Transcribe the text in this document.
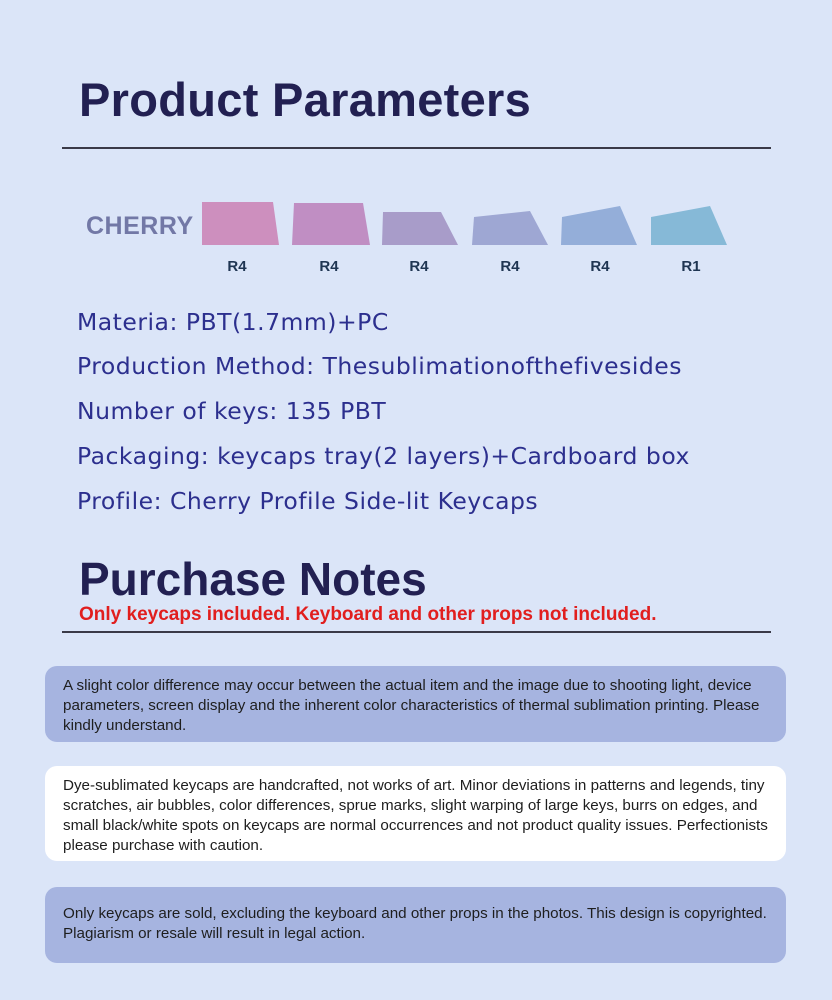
Product Parameters
CHERRY
R4	R4	R4	R4	R4	R1
Materia: PBT(1.7mm)+PC
Production Method: Thesublimationofthefivesides
Number of keys: 135 PBT
Packaging: keycaps tray(2 layers)+Cardboard box
Profile: Cherry Profile Side-lit Keycaps
Purchase Notes
Only keycaps included. Keyboard and other props not included.
A slight color difference may occur between the actual item and the image due to shooting light, device parameters, screen display and the inherent color characteristics of thermal sublimation printing. Please kindly understand.
Dye-sublimated keycaps are handcrafted, not works of art. Minor deviations in patterns and legends, tiny scratches, air bubbles, color differences, sprue marks, slight warping of large keys, burrs on edges, and small black/white spots on keycaps are normal occurrences and not product quality issues. Perfectionists please purchase with caution.
Only keycaps are sold, excluding the keyboard and other props in the photos. This design is copyrighted. Plagiarism or resale will result in legal action.
